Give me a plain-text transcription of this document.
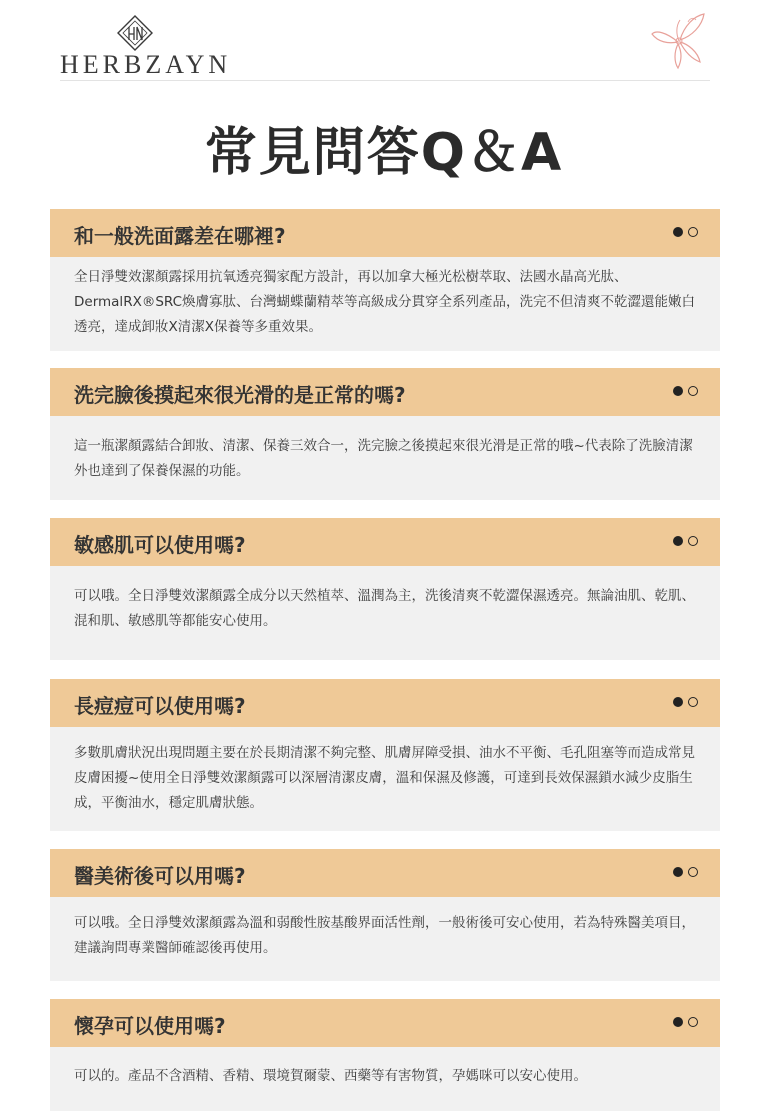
HERBZAYN
常見問答Q＆A
和一般洗面露差在哪裡?
全日淨雙效潔顏露採用抗氧透亮獨家配方設計，再以加拿大極光松樹萃取、法國水晶高光肽、DermalRX®SRC煥膚寡肽、台灣蝴蝶蘭精萃等高級成分貫穿全系列產品，洗完不但清爽不乾澀還能嫩白透亮，達成卸妝X清潔X保養等多重效果。
洗完臉後摸起來很光滑的是正常的嗎?
這一瓶潔顏露結合卸妝、清潔、保養三效合一，洗完臉之後摸起來很光滑是正常的哦~代表除了洗臉清潔外也達到了保養保濕的功能。
敏感肌可以使用嗎?
可以哦。全日淨雙效潔顏露全成分以天然植萃、溫潤為主，洗後清爽不乾澀保濕透亮。無論油肌、乾肌、混和肌、敏感肌等都能安心使用。
長痘痘可以使用嗎?
多數肌膚狀況出現問題主要在於長期清潔不夠完整、肌膚屏障受損、油水不平衡、毛孔阻塞等而造成常見皮膚困擾~使用全日淨雙效潔顏露可以深層清潔皮膚，溫和保濕及修護，可達到長效保濕鎖水減少皮脂生成，平衡油水，穩定肌膚狀態。
醫美術後可以用嗎?
可以哦。全日淨雙效潔顏露為溫和弱酸性胺基酸界面活性劑，一般術後可安心使用，若為特殊醫美項目，建議詢問專業醫師確認後再使用。
懷孕可以使用嗎?
可以的。產品不含酒精、香精、環境賀爾蒙、西藥等有害物質，孕媽咪可以安心使用。
